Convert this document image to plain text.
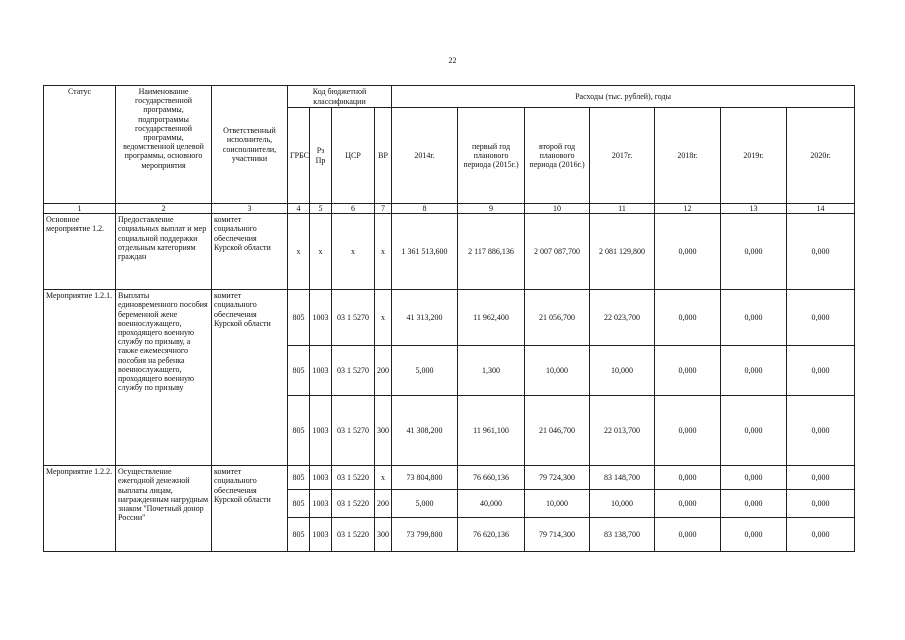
22
Статус	Наименование государственной программы, подпрограммы государственной программы, ведомственной целевой программы, основного мероприятия	Ответственный исполнитель, соисполнители, участники	Код бюджетной классификации				Расходы (тыс. рублей), годы						
			ГРБС	Рз Пр	ЦСР	ВР	2014г.	первый год планового периода (2015г.)	второй год планового периода (2016г.)	2017г.	2018г.	2019г.	2020г.
1	2	3	4	5	6	7	8	9	10	11	12	13	14
Основное мероприятие 1.2.	Предоставление социальных выплат и мер социальной поддержки отдельным категориям граждан	комитет социального обеспечения Курской области	х	х	х	х	1 361 513,600	2 117 886,136	2 007 087,700	2 081 129,800	0,000	0,000	0,000
Мероприятие 1.2.1.	Выплаты единовременного пособия беременной жене военнослужащего, проходящего военную службу по призыву, а также ежемесячного пособия на ребенка военнослужащего, проходящего военную службу по призыву	комитет социального обеспечения Курской области	805	1003	03 1 5270	х	41 313,200	11 962,400	21 056,700	22 023,700	0,000	0,000	0,000
			805	1003	03 1 5270	200	5,000	1,300	10,000	10,000	0,000	0,000	0,000
			805	1003	03 1 5270	300	41 308,200	11 961,100	21 046,700	22 013,700	0,000	0,000	0,000
Мероприятие 1.2.2.	Осуществление ежегодной денежной выплаты лицам, награжденным нагрудным знаком "Почетный донор России"	комитет социального обеспечения Курской области	805	1003	03 1 5220	х	73 804,800	76 660,136	79 724,300	83 148,700	0,000	0,000	0,000
			805	1003	03 1 5220	200	5,000	40,000	10,000	10,000	0,000	0,000	0,000
			805	1003	03 1 5220	300	73 799,800	76 620,136	79 714,300	83 138,700	0,000	0,000	0,000
